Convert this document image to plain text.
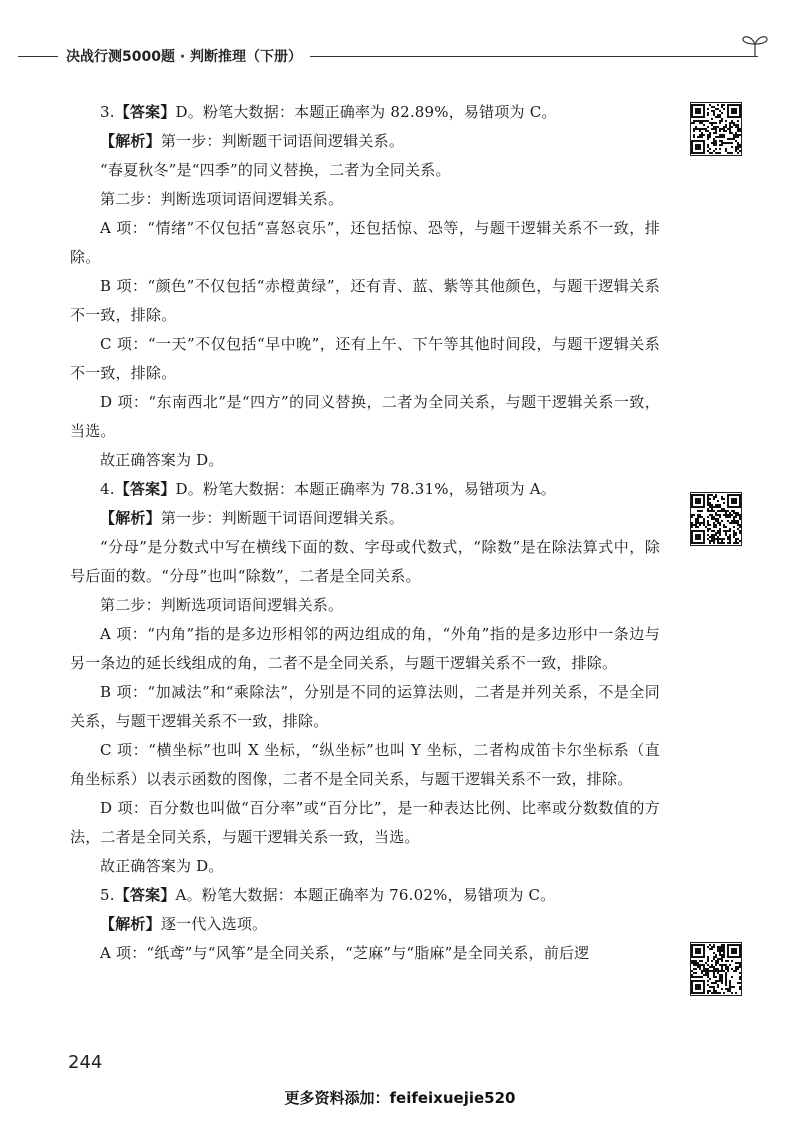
决战行测5000题 · 判断推理（下册）

3.【答案】D。粉笔大数据：本题正确率为 82.89%，易错项为 C。

【解析】第一步：判断题干词语间逻辑关系。

“春夏秋冬”是“四季”的同义替换，二者为全同关系。

第二步：判断选项词语间逻辑关系。

A 项：“情绪”不仅包括“喜怒哀乐”，还包括惊、恐等，与题干逻辑关系不一致，排除。

B 项：“颜色”不仅包括“赤橙黄绿”，还有青、蓝、紫等其他颜色，与题干逻辑关系不一致，排除。

C 项：“一天”不仅包括“早中晚”，还有上午、下午等其他时间段，与题干逻辑关系不一致，排除。

D 项：“东南西北”是“四方”的同义替换，二者为全同关系，与题干逻辑关系一致，当选。

故正确答案为 D。

4.【答案】D。粉笔大数据：本题正确率为 78.31%，易错项为 A。

【解析】第一步：判断题干词语间逻辑关系。

“分母”是分数式中写在横线下面的数、字母或代数式，“除数”是在除法算式中，除号后面的数。“分母”也叫“除数”，二者是全同关系。

第二步：判断选项词语间逻辑关系。

A 项：“内角”指的是多边形相邻的两边组成的角，“外角”指的是多边形中一条边与另一条边的延长线组成的角，二者不是全同关系，与题干逻辑关系不一致，排除。

B 项：“加减法”和“乘除法”，分别是不同的运算法则，二者是并列关系，不是全同关系，与题干逻辑关系不一致，排除。

C 项：“横坐标”也叫 X 坐标，“纵坐标”也叫 Y 坐标，二者构成笛卡尔坐标系（直角坐标系）以表示函数的图像，二者不是全同关系，与题干逻辑关系不一致，排除。

D 项：百分数也叫做“百分率”或“百分比”，是一种表达比例、比率或分数数值的方法，二者是全同关系，与题干逻辑关系一致，当选。

故正确答案为 D。

5.【答案】A。粉笔大数据：本题正确率为 76.02%，易错项为 C。

【解析】逐一代入选项。

A 项：“纸鸢”与“风筝”是全同关系，“芝麻”与“脂麻”是全同关系，前后逻

244
更多资料添加：feifeixuejie520
